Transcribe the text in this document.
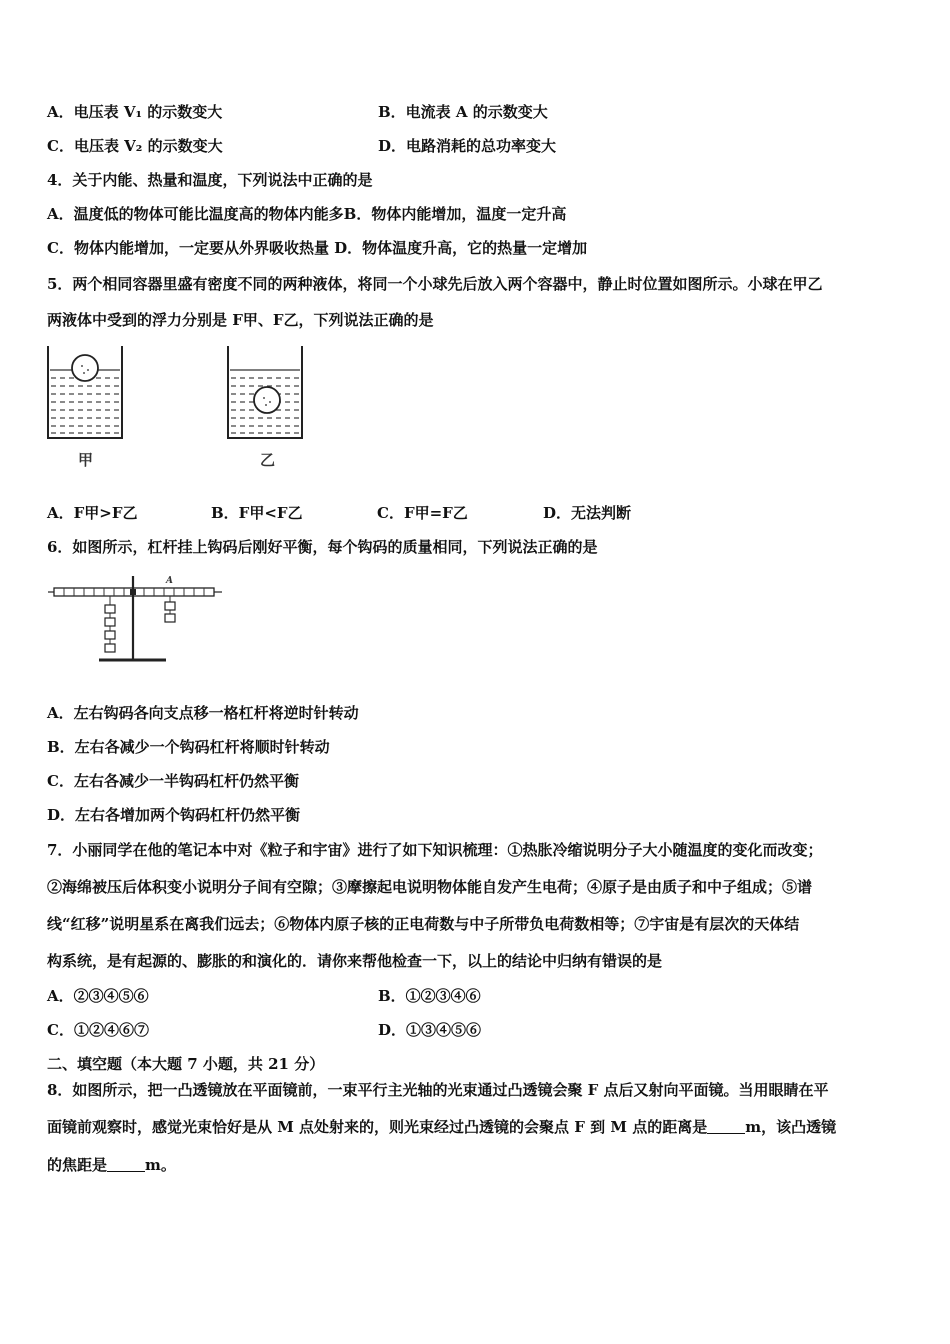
A．电压表 V₁ 的示数变大	B．电流表 A 的示数变大
C．电压表 V₂ 的示数变大	D．电路消耗的总功率变大
4．关于内能、热量和温度，下列说法中正确的是
A．温度低的物体可能比温度高的物体内能多B．物体内能增加，温度一定升高
C．物体内能增加，一定要从外界吸收热量 D．物体温度升高，它的热量一定增加
5．两个相同容器里盛有密度不同的两种液体，将同一个小球先后放入两个容器中，静止时位置如图所示。小球在甲乙
两液体中受到的浮力分别是 F甲、F乙，下列说法正确的是
甲	乙
A．F甲>F乙	B．F甲<F乙	C．F甲=F乙	D．无法判断
6．如图所示，杠杆挂上钩码后刚好平衡，每个钩码的质量相同，下列说法正确的是
A
A．左右钩码各向支点移一格杠杆将逆时针转动
B．左右各减少一个钩码杠杆将顺时针转动
C．左右各减少一半钩码杠杆仍然平衡
D．左右各增加两个钩码杠杆仍然平衡
7．小丽同学在他的笔记本中对《粒子和宇宙》进行了如下知识梳理：①热胀冷缩说明分子大小随温度的变化而改变；
②海绵被压后体积变小说明分子间有空隙；③摩擦起电说明物体能自发产生电荷；④原子是由质子和中子组成；⑤谱
线“红移”说明星系在离我们远去；⑥物体内原子核的正电荷数与中子所带负电荷数相等；⑦宇宙是有层次的天体结
构系统，是有起源的、膨胀的和演化的．请你来帮他检查一下，以上的结论中归纳有错误的是
A．②③④⑤⑥	B．①②③④⑥
C．①②④⑥⑦	D．①③④⑤⑥
二、填空题（本大题 7 小题，共 21 分）
8．如图所示，把一凸透镜放在平面镜前，一束平行主光轴的光束通过凸透镜会聚 F 点后又射向平面镜。当用眼睛在平
面镜前观察时，感觉光束恰好是从 M 点处射来的，则光束经过凸透镜的会聚点 F 到 M 点的距离是	m，该凸透镜
的焦距是	m。
